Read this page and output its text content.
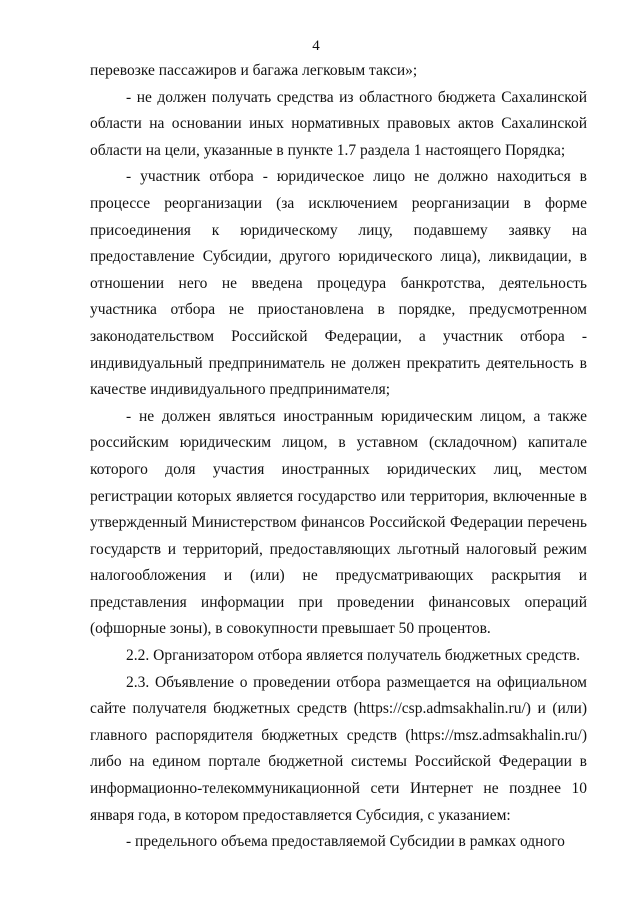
4

перевозке пассажиров и багажа легковым такси»;

- не должен получать средства из областного бюджета Сахалинской области на основании иных нормативных правовых актов Сахалинской области на цели, указанные в пункте 1.7 раздела 1 настоящего Порядка;

- участник отбора - юридическое лицо не должно находиться в процессе реорганизации (за исключением реорганизации в форме присоединения к юридическому лицу, подавшему заявку на предоставление Субсидии, другого юридического лица), ликвидации, в отношении него не введена процедура банкротства, деятельность участника отбора не приостановлена в порядке, предусмотренном законодательством Российской Федерации, а участник отбора - индивидуальный предприниматель не должен прекратить деятельность в качестве индивидуального предпринимателя;

- не должен являться иностранным юридическим лицом, а также российским юридическим лицом, в уставном (складочном) капитале которого доля участия иностранных юридических лиц, местом регистрации которых является государство или территория, включенные в утвержденный Министерством финансов Российской Федерации перечень государств и территорий, предоставляющих льготный налоговый режим налогообложения и (или) не предусматривающих раскрытия и представления информации при проведении финансовых операций (офшорные зоны), в совокупности превышает 50 процентов.

2.2. Организатором отбора является получатель бюджетных средств.

2.3. Объявление о проведении отбора размещается на официальном сайте получателя бюджетных средств (https://csp.admsakhalin.ru/) и (или) главного распорядителя бюджетных средств (https://msz.admsakhalin.ru/) либо на едином портале бюджетной системы Российской Федерации в информационно-телекоммуникационной сети Интернет не позднее 10 января года, в котором предоставляется Субсидия, с указанием:

- предельного объема предоставляемой Субсидии в рамках одного
